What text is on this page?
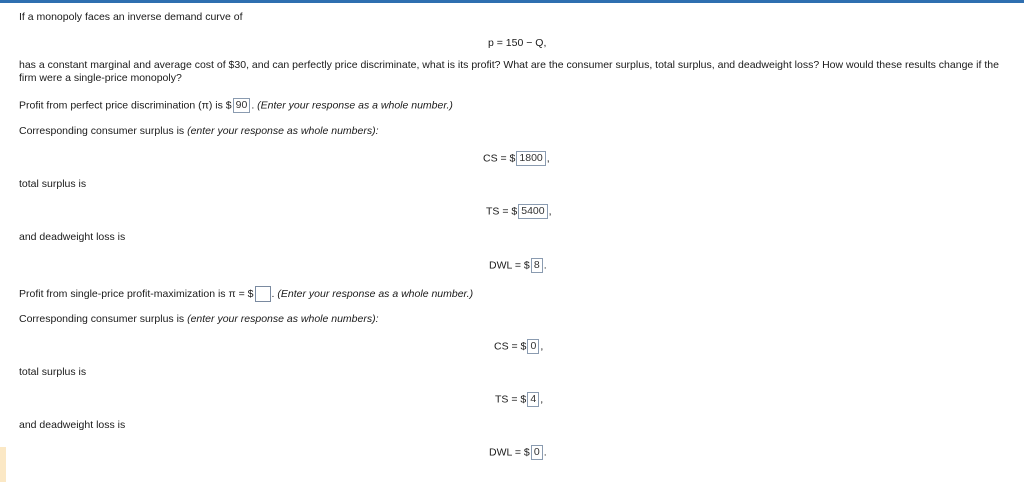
If a monopoly faces an inverse demand curve of
p = 150 − Q,
has a constant marginal and average cost of $30, and can perfectly price discriminate, what is its profit? What are the consumer surplus, total surplus, and deadweight loss? How would these results change if the firm were a single-price monopoly?
Profit from perfect price discrimination (π) is $ 90 . (Enter your response as a whole number.)
Corresponding consumer surplus is (enter your response as whole numbers):
CS = $ 1800 ,
total surplus is
TS = $ 5400 ,
and deadweight loss is
DWL = $ 8 .
Profit from single-price profit-maximization is π = $ . (Enter your response as a whole number.)
Corresponding consumer surplus is (enter your response as whole numbers):
CS = $ 0 ,
total surplus is
TS = $ 4 ,
and deadweight loss is
DWL = $ 0 .
